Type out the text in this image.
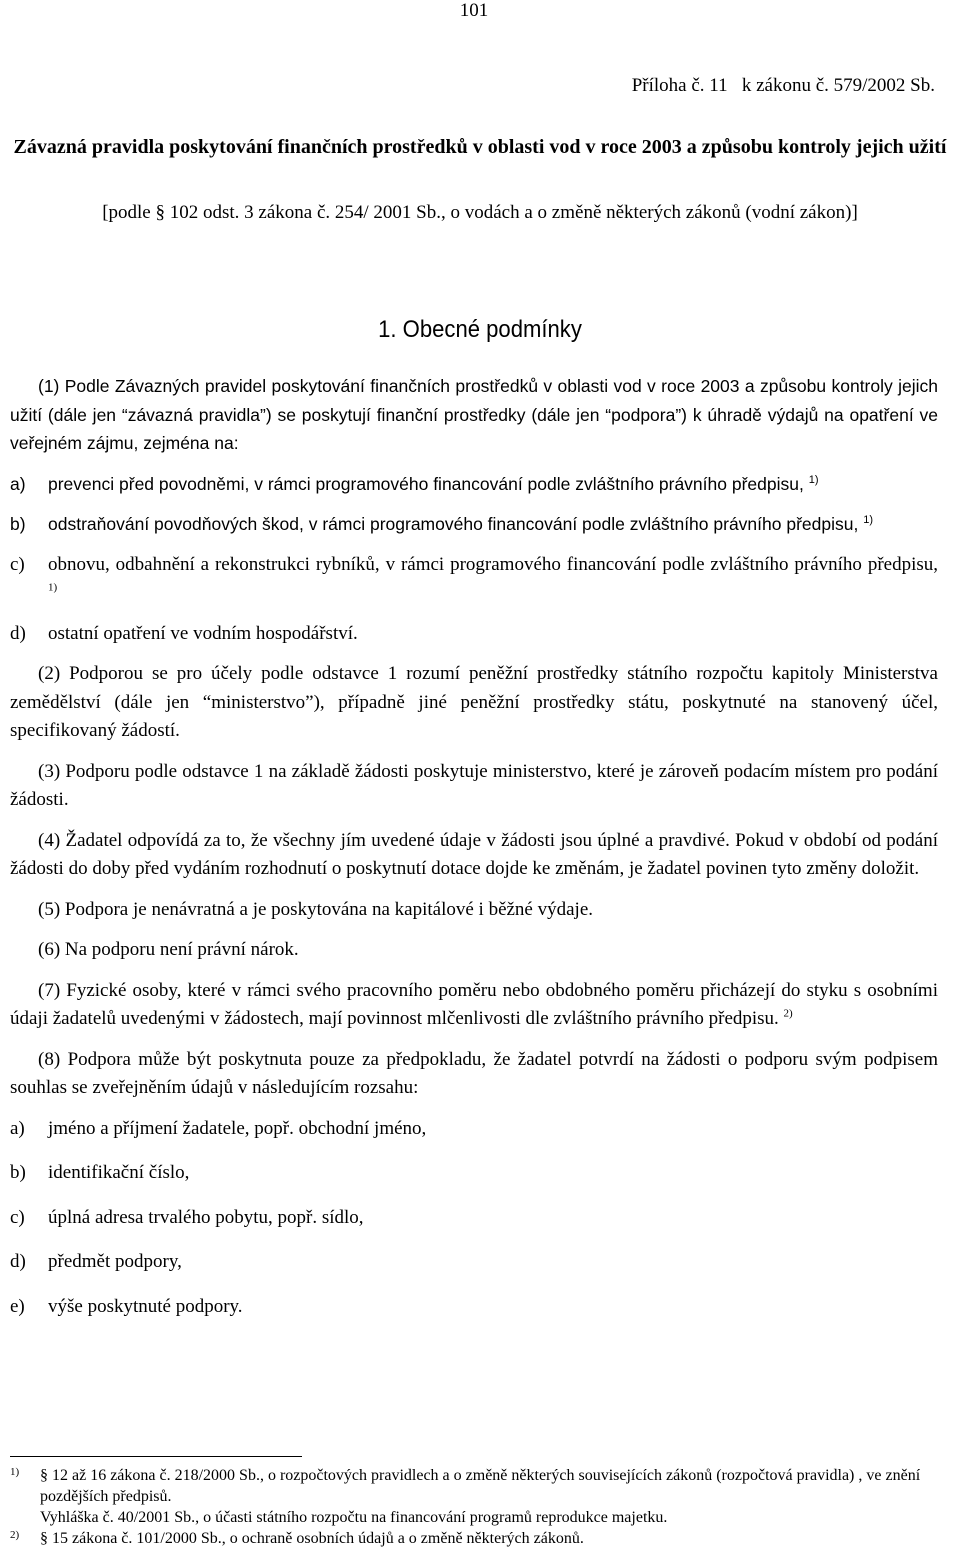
101
Příloha č. 11   k zákonu č. 579/2002 Sb.
Závazná pravidla poskytování finančních prostředků v oblasti vod v roce 2003 a způsobu kontroly jejich užití
[podle § 102 odst. 3 zákona č. 254/ 2001 Sb., o vodách a o změně některých zákonů (vodní zákon)]
1. Obecné podmínky

(1) Podle Závazných pravidel poskytování finančních prostředků v oblasti vod v roce 2003 a způsobu kontroly jejich užití (dále jen “závazná pravidla”) se poskytují finanční prostředky (dále jen “podpora”) k úhradě výdajů na opatření ve veřejném zájmu, zejména na:

a)	prevenci před povodněmi, v rámci programového financování podle zvláštního právního předpisu, $^{1)}$
b)	odstraňování povodňových škod, v rámci programového financování podle zvláštního právního předpisu, $^{1)}$
c)	obnovu, odbahnění a rekonstrukci rybníků, v rámci programového financování podle zvláštního právního předpisu, $^{1)}$
d)	ostatní opatření ve vodním hospodářství.

(2) Podporou se pro účely podle odstavce 1 rozumí peněžní prostředky státního rozpočtu kapitoly Ministerstva zemědělství (dále jen “ministerstvo”), případně jiné peněžní prostředky státu, poskytnuté na stanovený účel, specifikovaný žádostí.

(3) Podporu podle odstavce 1 na základě žádosti poskytuje ministerstvo, které je zároveň podacím místem pro podání žádosti.

(4) Žadatel odpovídá za to, že všechny jím uvedené údaje v žádosti jsou úplné a pravdivé. Pokud v období od podání žádosti do doby před vydáním rozhodnutí o poskytnutí dotace dojde ke změnám, je žadatel povinen tyto změny doložit.

(5) Podpora je nenávratná a je poskytována na kapitálové i běžné výdaje.

(6) Na podporu není právní nárok.

(7) Fyzické osoby, které v rámci svého pracovního poměru nebo obdobného poměru přicházejí do styku s osobními údaji žadatelů uvedenými v žádostech, mají povinnost mlčenlivosti dle zvláštního právního předpisu. $^{2)}$

(8) Podpora může být poskytnuta pouze za předpokladu, že žadatel potvrdí na žádosti o podporu svým podpisem souhlas se zveřejněním údajů v následujícím rozsahu:

a)	jméno a příjmení žadatele, popř. obchodní jméno,
b)	identifikační číslo,
c)	úplná adresa trvalého pobytu, popř. sídlo,
d)	předmět podpory,
e)	výše poskytnuté podpory.
1)	§ 12 až 16 zákona č. 218/2000 Sb., o rozpočtových pravidlech a o změně některých souvisejících zákonů (rozpočtová pravidla) , ve znění pozdějších předpisů.
Vyhláška č. 40/2001 Sb., o účasti státního rozpočtu na financování programů reprodukce majetku.
2)	§ 15 zákona č. 101/2000 Sb., o ochraně osobních údajů a o změně některých zákonů.
